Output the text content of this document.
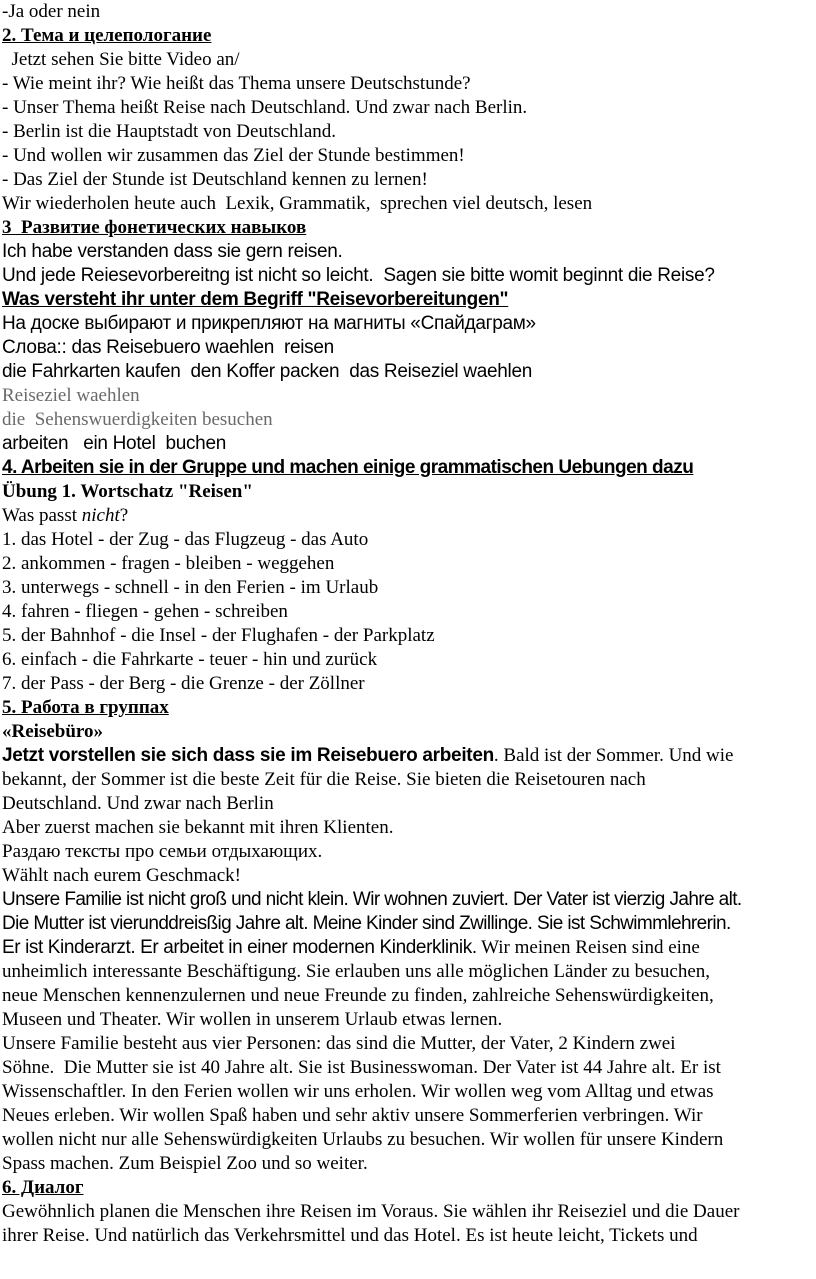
-Ja oder nein
2. Тема и целепологание
Jetzt sehen Sie bitte Video an/
- Wie meint ihr? Wie heißt das Thema unsere Deutschstunde?
- Unser Thema heißt Reise nach Deutschland. Und zwar nach Berlin.
- Berlin ist die Hauptstadt von Deutschland.
- Und wollen wir zusammen das Ziel der Stunde bestimmen!
- Das Ziel der Stunde ist Deutschland kennen zu lernen!
Wir wiederholen heute auch  Lexik, Grammatik,  sprechen viel deutsch, lesen
3  Развитие фонетических навыков
Ich habe verstanden dass sie gern reisen.
Und jede Reiesevorbereitng ist nicht so leicht.  Sagen sie bitte womit beginnt die Reise?
Was versteht ihr unter dem Begriff "Reisevorbereitungen"
На доске выбирают и прикрепляют на магниты «Спайдаграм»
Слова:: das Reisebuero waehlen  reisen
die Fahrkarten kaufen  den Koffer packen  das Reiseziel waehlen
Reiseziel waehlen
die  Sehenswuerdigkeiten besuchen
arbeiten   ein Hotel  buchen
4. Arbeiten sie in der Gruppe und machen einige grammatischen Uebungen dazu
Übung 1. Wortschatz "Reisen"
Was passt nicht?
1. das Hotel - der Zug - das Flugzeug - das Auto
2. ankommen - fragen - bleiben - weggehen
3. unterwegs - schnell - in den Ferien - im Urlaub
4. fahren - fliegen - gehen - schreiben
5. der Bahnhof - die Insel - der Flughafen - der Parkplatz
6. einfach - die Fahrkarte - teuer - hin und zurück
7. der Pass - der Berg - die Grenze - der Zöllner
5. Работа в группах
«Reisebüro»
Jetzt vorstellen sie sich dass sie im Reisebuero arbeiten. Bald ist der Sommer. Und wie
bekannt, der Sommer ist die beste Zeit für die Reise. Sie bieten die Reisetouren nach
Deutschland. Und zwar nach Berlin
Aber zuerst machen sie bekannt mit ihren Klienten.
Раздаю тексты про семьи отдыхающих.
Wählt nach eurem Geschmack!
Unsere Familie ist nicht groß und nicht klein. Wir wohnen zuviert. Der Vater ist vierzig Jahre alt.
Die Mutter ist vierunddreisßig Jahre alt. Meine Kinder sind Zwillinge. Sie ist Schwimmlehrerin.
Er ist Kinderarzt. Er arbeitet in einer modernen Kinderklinik. Wir meinen Reisen sind eine
unheimlich interessante Beschäftigung. Sie erlauben uns alle möglichen Länder zu besuchen,
neue Menschen kennenzulernen und neue Freunde zu finden, zahlreiche Sehenswürdigkeiten,
Museen und Theater. Wir wollen in unserem Urlaub etwas lernen.
Unsere Familie besteht aus vier Personen: das sind die Mutter, der Vater, 2 Kindern zwei
Söhne.  Die Mutter sie ist 40 Jahre alt. Sie ist Businesswoman. Der Vater ist 44 Jahre alt. Er ist
Wissenschaftler. In den Ferien wollen wir uns erholen. Wir wollen weg vom Alltag und etwas
Neues erleben. Wir wollen Spaß haben und sehr aktiv unsere Sommerferien verbringen. Wir
wollen nicht nur alle Sehenswürdigkeiten Urlaubs zu besuchen. Wir wollen für unsere Kindern
Spass machen. Zum Beispiel Zoo und so weiter.
6. Диалог
Gewöhnlich planen die Menschen ihre Reisen im Voraus. Sie wählen ihr Reiseziel und die Dauer
ihrer Reise. Und natürlich das Verkehrsmittel und das Hotel. Es ist heute leicht, Tickets und
